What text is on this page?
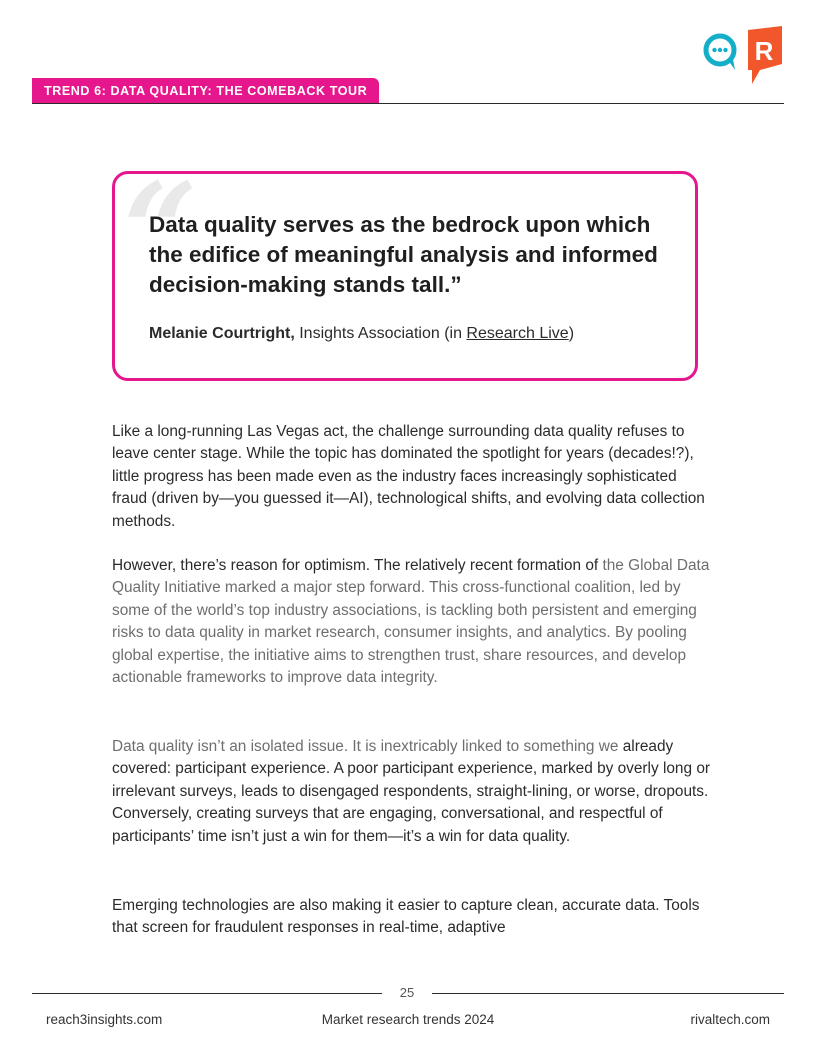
R
TREND 6: DATA QUALITY: THE COMEBACK TOUR
“
Data quality serves as the bedrock upon which the edifice of meaningful analysis and informed decision-making stands tall.”
Melanie Courtright, Insights Association (in Research Live)

Like a long-running Las Vegas act, the challenge surrounding data quality refuses to leave center stage. While the topic has dominated the spotlight for years (decades!?), little progress has been made even as the industry faces increasingly sophisticated fraud (driven by—you guessed it—AI), technological shifts, and evolving data collection methods.

However, there’s reason for optimism. The relatively recent formation of the Global Data Quality Initiative marked a major step forward. This cross-functional coalition, led by some of the world’s top industry associations, is tackling both persistent and emerging risks to data quality in market research, consumer insights, and analytics. By pooling global expertise, the initiative aims to strengthen trust, share resources, and develop actionable frameworks to improve data integrity.

Data quality isn’t an isolated issue. It is inextricably linked to something we already covered: participant experience. A poor participant experience, marked by overly long or irrelevant surveys, leads to disengaged respondents, straight-lining, or worse, dropouts. Conversely, creating surveys that are engaging, conversational, and respectful of participants’ time isn’t just a win for them—it’s a win for data quality.

Emerging technologies are also making it easier to capture clean, accurate data. Tools that screen for fraudulent responses in real-time, adaptive

25
reach3insights.com	Market research trends 2024	rivaltech.com
